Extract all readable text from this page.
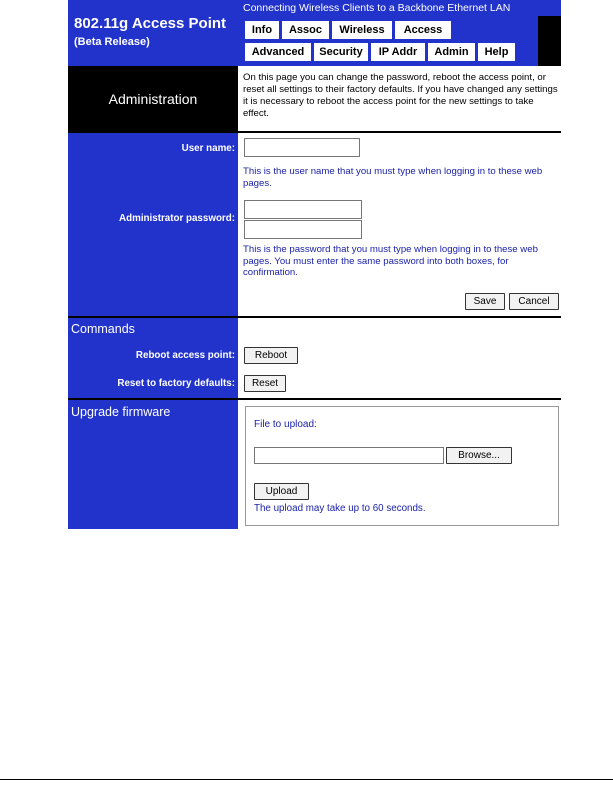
Connecting Wireless Clients to a Backbone Ethernet LAN
802.11g Access Point
(Beta Release)
Info	Assoc	Wireless	Access
Advanced	Security	IP Addr	Admin	Help
Administration
On this page you can change the password, reboot the access point, or reset all settings to their factory defaults. If you have changed any settings it is necessary to reboot the access point for the new settings to take effect.
User name:
This is the user name that you must type when logging in to these web pages.
Administrator password:
This is the password that you must type when logging in to these web pages. You must enter the same password into both boxes, for confirmation.
Save	Cancel
Commands
Reboot access point:	Reboot
Reset to factory defaults:	Reset
Upgrade firmware
File to upload:
Browse...
Upload
The upload may take up to 60 seconds.
